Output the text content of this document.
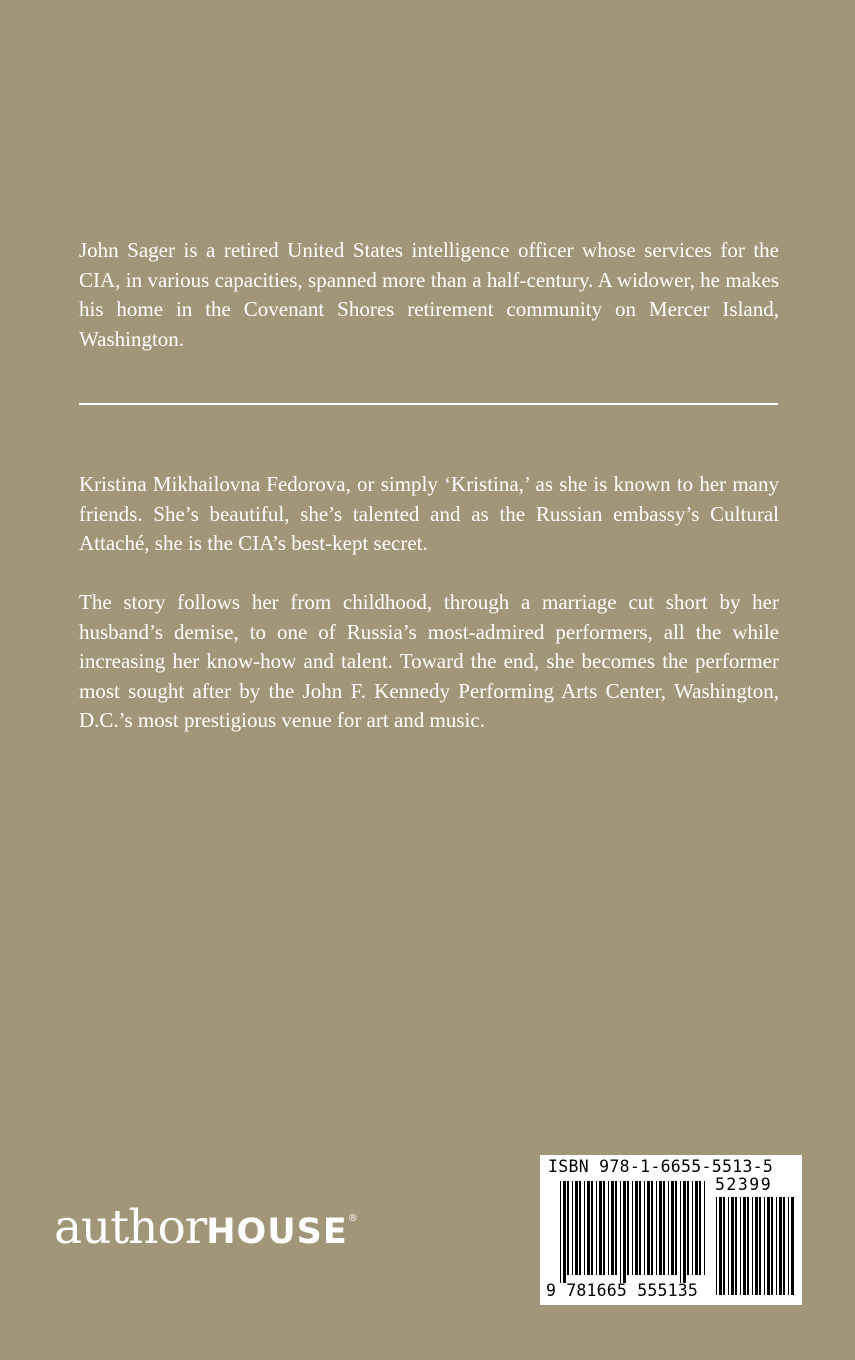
John Sager is a retired United States intelligence officer whose services for the CIA, in various capacities, spanned more than a half-century. A widower, he makes his home in the Covenant Shores retirement community on Mercer Island, Washington.

Kristina Mikhailovna Fedorova, or simply ‘Kristina,’ as she is known to her many friends. She’s beautiful, she’s talented and as the Russian embassy’s Cultural Attaché, she is the CIA’s best-kept secret.

The story follows her from childhood, through a marriage cut short by her husband’s demise, to one of Russia’s most-admired performers, all the while increasing her know-how and talent. Toward the end, she becomes the performer most sought after by the John F. Kennedy Performing Arts Center, Washington, D.C.’s most prestigious venue for art and music.

authorHOUSE®
ISBN 978-1-6655-5513-5
52399
9 781665 555135
